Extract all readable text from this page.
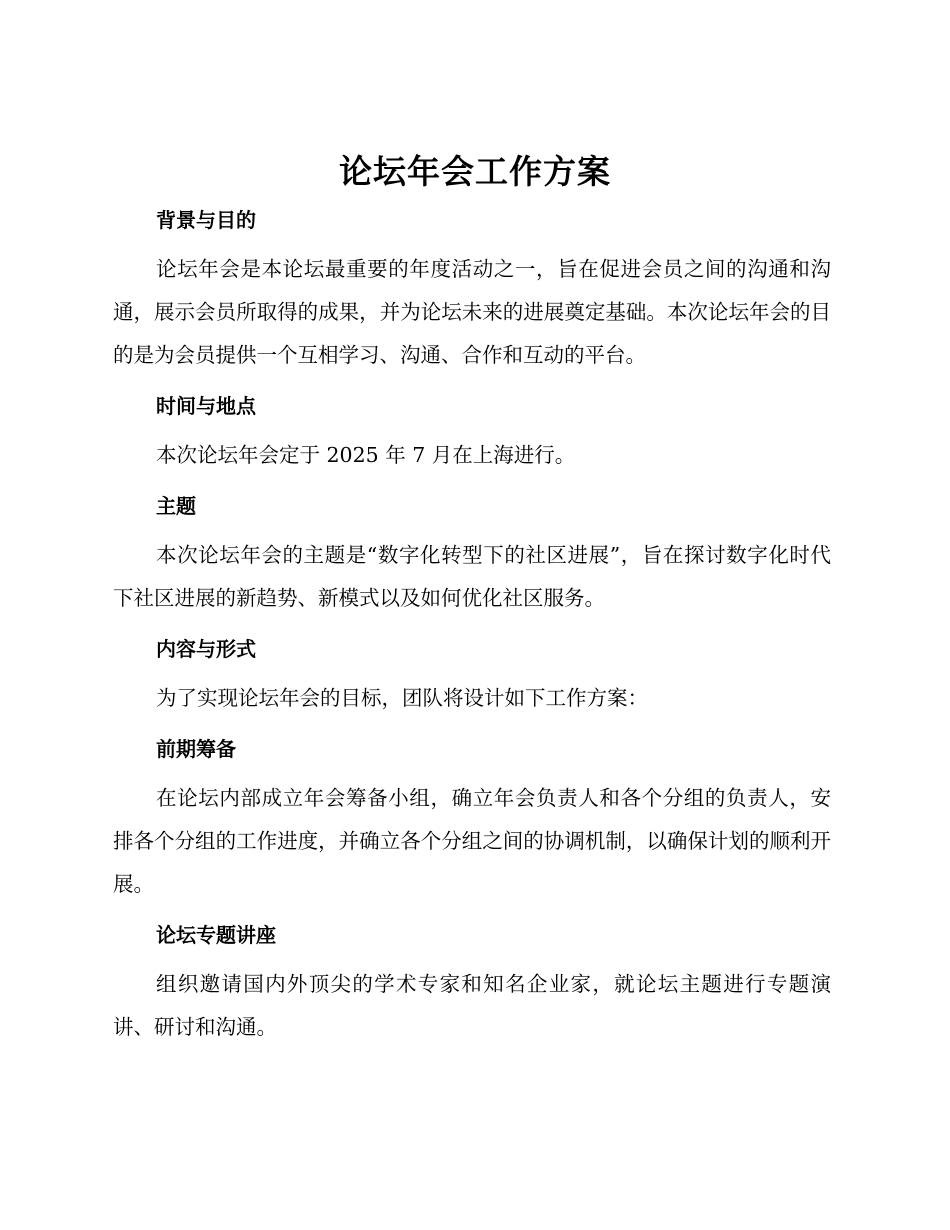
论坛年会工作方案
背景与目的

论坛年会是本论坛最重要的年度活动之一，旨在促进会员之间的沟通和沟通，展示会员所取得的成果，并为论坛未来的进展奠定基础。本次论坛年会的目的是为会员提供一个互相学习、沟通、合作和互动的平台。

时间与地点

本次论坛年会定于 2025 年 7 月在上海进行。

主题

本次论坛年会的主题是“数字化转型下的社区进展”，旨在探讨数字化时代下社区进展的新趋势、新模式以及如何优化社区服务。

内容与形式

为了实现论坛年会的目标，团队将设计如下工作方案：

前期筹备

在论坛内部成立年会筹备小组，确立年会负责人和各个分组的负责人，安排各个分组的工作进度，并确立各个分组之间的协调机制，以确保计划的顺利开展。

论坛专题讲座

组织邀请国内外顶尖的学术专家和知名企业家，就论坛主题进行专题演讲、研讨和沟通。
